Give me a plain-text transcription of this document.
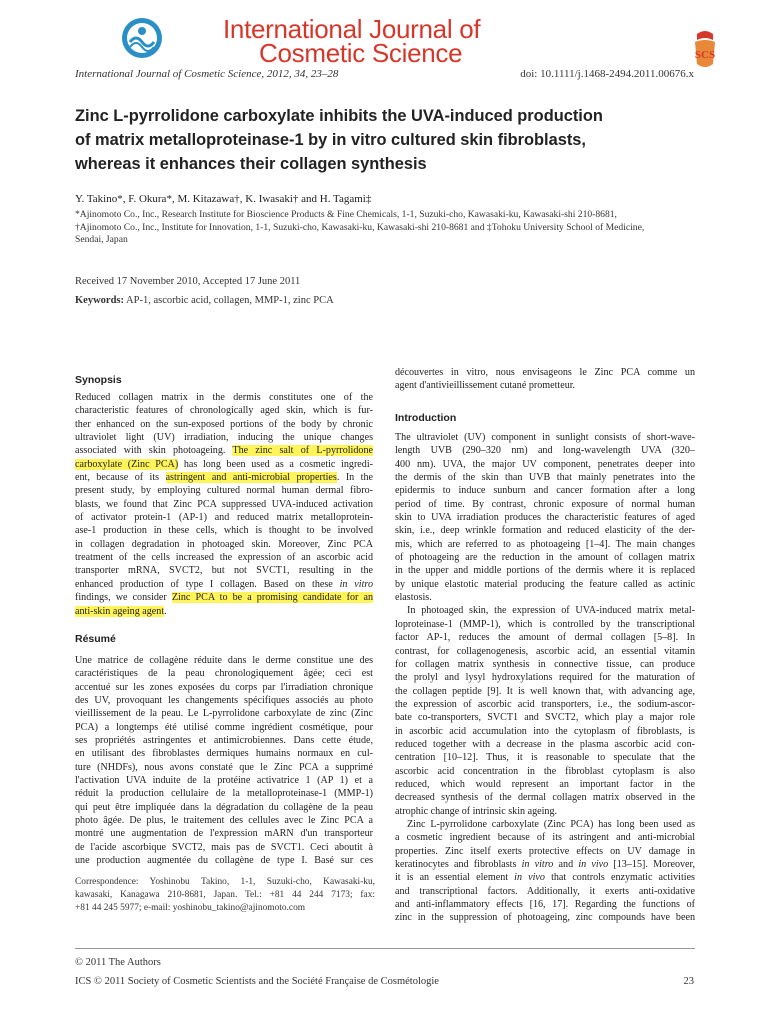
International Journal of
Cosmetic Science	SCS
International Journal of Cosmetic Science, 2012, 34, 23–28	doi: 10.1111/j.1468-2494.2011.00676.x
Zinc L-pyrrolidone carboxylate inhibits the UVA-induced production
of matrix metalloproteinase-1 by in vitro cultured skin fibroblasts,
whereas it enhances their collagen synthesis
Y. Takino*, F. Okura*, M. Kitazawa†, K. Iwasaki† and H. Tagami‡
*Ajinomoto Co., Inc., Research Institute for Bioscience Products & Fine Chemicals, 1-1, Suzuki-cho, Kawasaki-ku, Kawasaki-shi 210-8681,
†Ajinomoto Co., Inc., Institute for Innovation, 1-1, Suzuki-cho, Kawasaki-ku, Kawasaki-shi 210-8681 and ‡Tohoku University School of Medicine,
Sendai, Japan
Received 17 November 2010, Accepted 17 June 2011
Keywords: AP-1, ascorbic acid, collagen, MMP-1, zinc PCA
Synopsis
Reduced collagen matrix in the dermis constitutes one of the
characteristic features of chronologically aged skin, which is fur-
ther enhanced on the sun-exposed portions of the body by chronic
ultraviolet light (UV) irradiation, inducing the unique changes
associated with skin photoageing. The zinc salt of L-pyrrolidone
carboxylate (Zinc PCA) has long been used as a cosmetic ingredi-
ent, because of its astringent and anti-microbial properties. In the
present study, by employing cultured normal human dermal fibro-
blasts, we found that Zinc PCA suppressed UVA-induced activation
of activator protein-1 (AP-1) and reduced matrix metalloprotein-
ase-1 production in these cells, which is thought to be involved
in collagen degradation in photoaged skin. Moreover, Zinc PCA
treatment of the cells increased the expression of an ascorbic acid
transporter mRNA, SVCT2, but not SVCT1, resulting in the
enhanced production of type I collagen. Based on these in vitro
findings, we consider Zinc PCA to be a promising candidate for an
anti-skin ageing agent.
Résumé
Une matrice de collagène réduite dans le derme constitue une des
caractéristiques de la peau chronologiquement âgée; ceci est
accentué sur les zones exposées du corps par l'irradiation chronique
des UV, provoquant les changements spécifiques associés au photo
vieillissement de la peau. Le L-pyrrolidone carboxylate de zinc (Zinc
PCA) a longtemps été utilisé comme ingrédient cosmétique, pour
ses propriétés astringentes et antimicrobiennes. Dans cette étude,
en utilisant des fibroblastes dermiques humains normaux en cul-
ture (NHDFs), nous avons constaté que le Zinc PCA a supprimé
l'activation UVA induite de la protéine activatrice 1 (AP 1) et a
réduit la production cellulaire de la metalloproteinase-1 (MMP-1)
qui peut être impliquée dans la dégradation du collagène de la peau
photo âgée. De plus, le traitement des cellules avec le Zinc PCA a
montré une augmentation de l'expression mARN d'un transporteur
de l'acide ascorbique SVCT2, mais pas de SVCT1. Ceci aboutit à
une production augmentée du collagène de type I. Basé sur ces
Correspondence: Yoshinobu Takino, 1-1, Suzuki-cho, Kawasaki-ku,
kawasaki, Kanagawa 210-8681, Japan. Tel.: +81 44 244 7173; fax:
+81 44 245 5977; e-mail: yoshinobu_takino@ajinomoto.com
découvertes in vitro, nous envisageons le Zinc PCA comme un
agent d'antivieillissement cutané prometteur.
Introduction
The ultraviolet (UV) component in sunlight consists of short-wave-
length UVB (290–320 nm) and long-wavelength UVA (320–
400 nm). UVA, the major UV component, penetrates deeper into
the dermis of the skin than UVB that mainly penetrates into the
epidermis to induce sunburn and cancer formation after a long
period of time. By contrast, chronic exposure of normal human
skin to UVA irradiation produces the characteristic features of aged
skin, i.e., deep wrinkle formation and reduced elasticity of the der-
mis, which are referred to as photoageing [1–4]. The main changes
of photoageing are the reduction in the amount of collagen matrix
in the upper and middle portions of the dermis where it is replaced
by unique elastotic material producing the feature called as actinic
elastosis.
In photoaged skin, the expression of UVA-induced matrix metal-
loproteinase-1 (MMP-1), which is controlled by the transcriptional
factor AP-1, reduces the amount of dermal collagen [5–8]. In
contrast, for collagenogenesis, ascorbic acid, an essential vitamin
for collagen matrix synthesis in connective tissue, can produce
the prolyl and lysyl hydroxylations required for the maturation of
the collagen peptide [9]. It is well known that, with advancing age,
the expression of ascorbic acid transporters, i.e., the sodium-ascor-
bate co-transporters, SVCT1 and SVCT2, which play a major role
in ascorbic acid accumulation into the cytoplasm of fibroblasts, is
reduced together with a decrease in the plasma ascorbic acid con-
centration [10–12]. Thus, it is reasonable to speculate that the
ascorbic acid concentration in the fibroblast cytoplasm is also
reduced, which would represent an important factor in the
decreased synthesis of the dermal collagen matrix observed in the
atrophic change of intrinsic skin ageing.
Zinc L-pyrrolidone carboxylate (Zinc PCA) has long been used as
a cosmetic ingredient because of its astringent and anti-microbial
properties. Zinc itself exerts protective effects on UV damage in
keratinocytes and fibroblasts in vitro and in vivo [13–15]. Moreover,
it is an essential element in vivo that controls enzymatic activities
and transcriptional factors. Additionally, it exerts anti-oxidative
and anti-inflammatory effects [16, 17]. Regarding the functions of
zinc in the suppression of photoageing, zinc compounds have been
© 2011 The Authors
ICS © 2011 Society of Cosmetic Scientists and the Société Française de Cosmétologie	23
